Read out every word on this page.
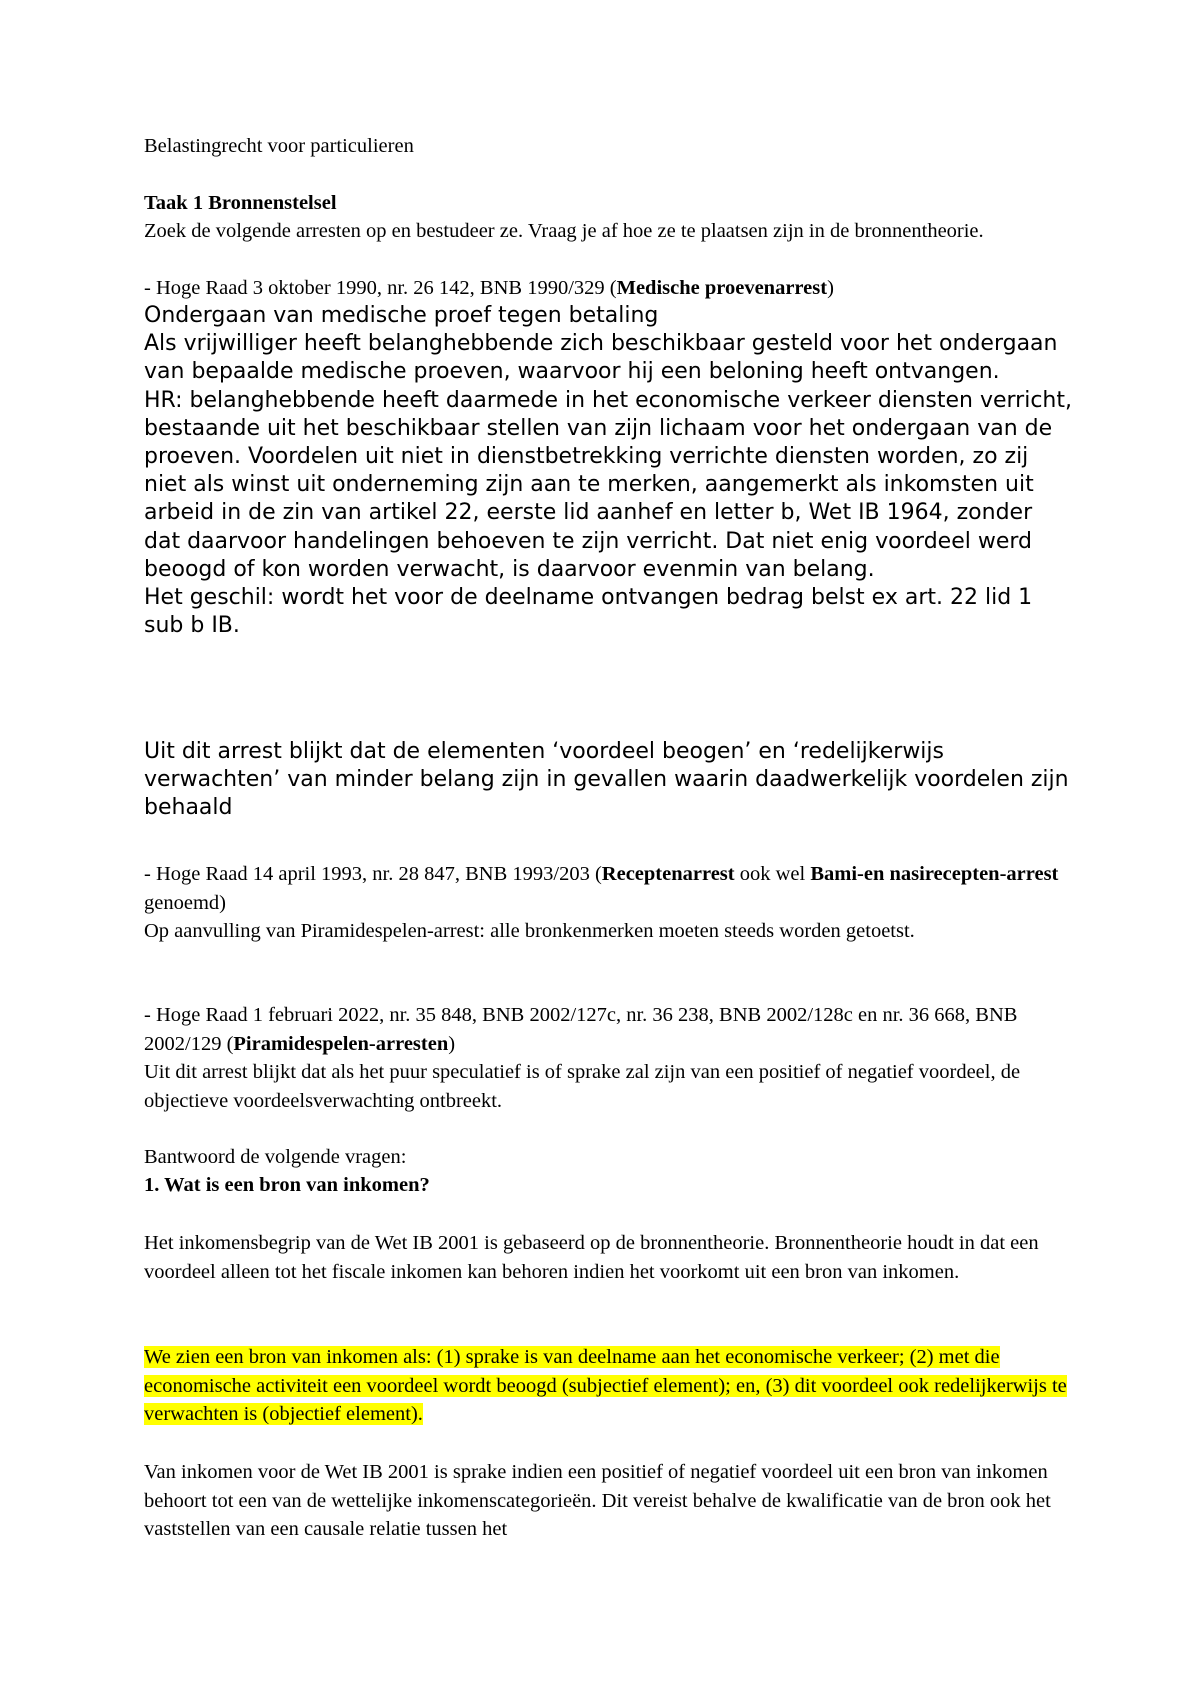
Belastingrecht voor particulieren

Taak 1 Bronnenstelsel

Zoek de volgende arresten op en bestudeer ze. Vraag je af hoe ze te plaatsen zijn in de bronnentheorie.

- Hoge Raad 3 oktober 1990, nr. 26 142, BNB 1990/329 (Medische proevenarrest)

Ondergaan van medische proef tegen betaling

Als vrijwilliger heeft belanghebbende zich beschikbaar gesteld voor het ondergaan van bepaalde medische proeven, waarvoor hij een beloning heeft ontvangen.

HR: belanghebbende heeft daarmede in het economische verkeer diensten verricht, bestaande uit het beschikbaar stellen van zijn lichaam voor het ondergaan van de proeven. Voordelen uit niet in dienstbetrekking verrichte diensten worden, zo zij niet als winst uit onderneming zijn aan te merken, aangemerkt als inkomsten uit arbeid in de zin van artikel 22, eerste lid aanhef en letter b, Wet IB 1964, zonder dat daarvoor handelingen behoeven te zijn verricht. Dat niet enig voordeel werd beoogd of kon worden verwacht, is daarvoor evenmin van belang.

Het geschil: wordt het voor de deelname ontvangen bedrag belst ex art. 22 lid 1 sub b IB.

Uit dit arrest blijkt dat de elementen ‘voordeel beogen’ en ‘redelijkerwijs verwachten’ van minder belang zijn in gevallen waarin daadwerkelijk voordelen zijn behaald

- Hoge Raad 14 april 1993, nr. 28 847, BNB 1993/203 (Receptenarrest ook wel Bami-en nasirecepten-arrest genoemd)

Op aanvulling van Piramidespelen-arrest: alle bronkenmerken moeten steeds worden getoetst.

- Hoge Raad 1 februari 2022, nr. 35 848, BNB 2002/127c, nr. 36 238, BNB 2002/128c en nr. 36 668, BNB 2002/129 (Piramidespelen-arresten)

Uit dit arrest blijkt dat als het puur speculatief is of sprake zal zijn van een positief of negatief voordeel, de objectieve voordeelsverwachting ontbreekt.

Bantwoord de volgende vragen:

1. Wat is een bron van inkomen?

Het inkomensbegrip van de Wet IB 2001 is gebaseerd op de bronnentheorie. Bronnentheorie houdt in dat een voordeel alleen tot het fiscale inkomen kan behoren indien het voorkomt uit een bron van inkomen.

We zien een bron van inkomen als: (1) sprake is van deelname aan het economische verkeer; (2) met die economische activiteit een voordeel wordt beoogd (subjectief element); en, (3) dit voordeel ook redelijkerwijs te verwachten is (objectief element).

Van inkomen voor de Wet IB 2001 is sprake indien een positief of negatief voordeel uit een bron van inkomen behoort tot een van de wettelijke inkomenscategorieën. Dit vereist behalve de kwalificatie van de bron ook het vaststellen van een causale relatie tussen het
